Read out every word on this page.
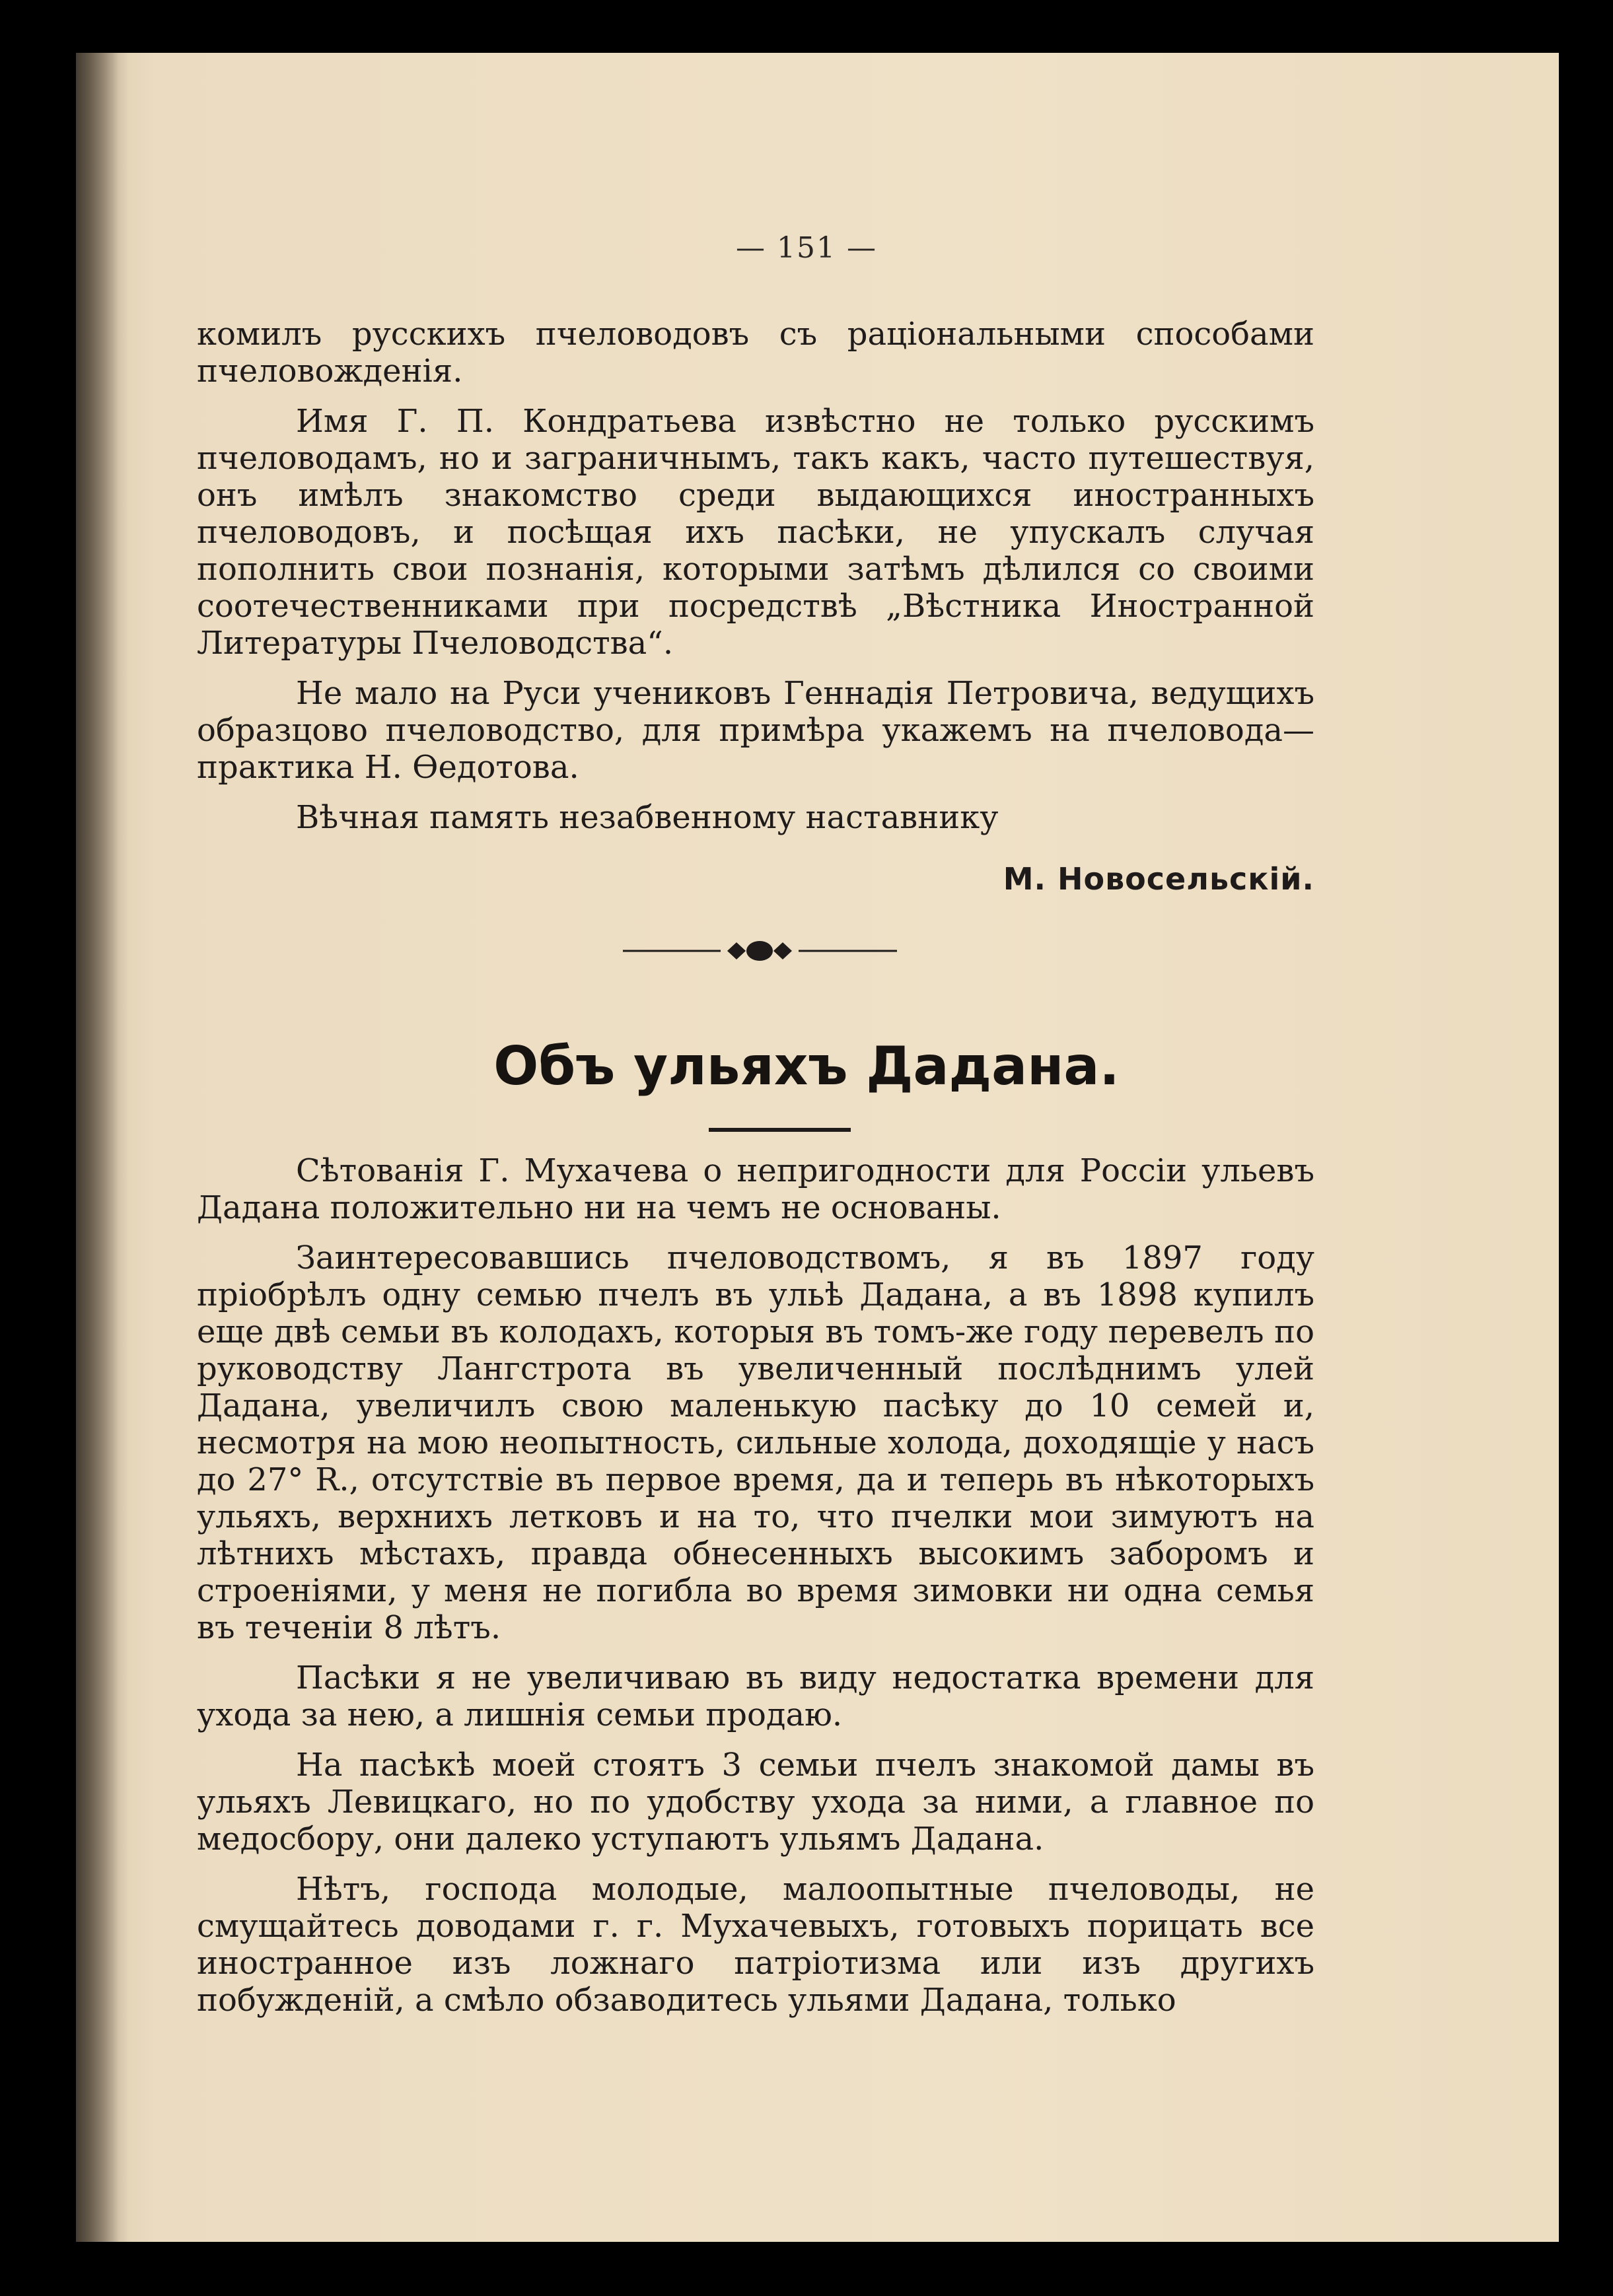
— 151 —

комилъ русскихъ пчеловодовъ съ раціональными способами пчеловожденія.

Имя Г. П. Кондратьева извѣстно не только русскимъ пчеловодамъ, но и заграничнымъ, такъ какъ, часто путешествуя, онъ имѣлъ знакомство среди выдающихся иностранныхъ пчеловодовъ, и посѣщая ихъ пасѣки, не упускалъ случая пополнить свои познанія, которыми затѣмъ дѣлился со своими соотечественниками при посредствѣ „Вѣстника Иностранной Литературы Пчеловодства“.

Не мало на Руси учениковъ Геннадія Петровича, ведущихъ образцово пчеловодство, для примѣра укажемъ на пчеловода—практика Н. Ѳедотова.

Вѣчная память незабвенному наставнику

М. Новосельскій.
Объ ульяхъ Дадана.

Сѣтованія Г. Мухачева о непригодности для Россіи ульевъ Дадана положительно ни на чемъ не основаны.

Заинтересовавшись пчеловодствомъ, я въ 1897 году пріобрѣлъ одну семью пчелъ въ ульѣ Дадана, а въ 1898 купилъ еще двѣ семьи въ колодахъ, которыя въ томъ-же году перевелъ по руководству Лангстрота въ увеличенный послѣднимъ улей Дадана, увеличилъ свою маленькую пасѣку до 10 семей и, несмотря на мою неопытность, сильные холода, доходящіе у насъ до 27° R., отсутствіе въ первое время, да и теперь въ нѣкоторыхъ ульяхъ, верхнихъ летковъ и на то, что пчелки мои зимуютъ на лѣтнихъ мѣстахъ, правда обнесенныхъ высокимъ заборомъ и строеніями, у меня не погибла во время зимовки ни одна семья въ теченіи 8 лѣтъ.

Пасѣки я не увеличиваю въ виду недостатка времени для ухода за нею, а лишнія семьи продаю.

На пасѣкѣ моей стоятъ 3 семьи пчелъ знакомой дамы въ ульяхъ Левицкаго, но по удобству ухода за ними, а главное по медосбору, они далеко уступаютъ ульямъ Дадана.

Нѣтъ, господа молодые, малоопытные пчеловоды, не смущайтесь доводами г. г. Мухачевыхъ, готовыхъ порицать все иностранное изъ ложнаго патріотизма или изъ другихъ побужденій, а смѣло обзаводитесь ульями Дадана, только
